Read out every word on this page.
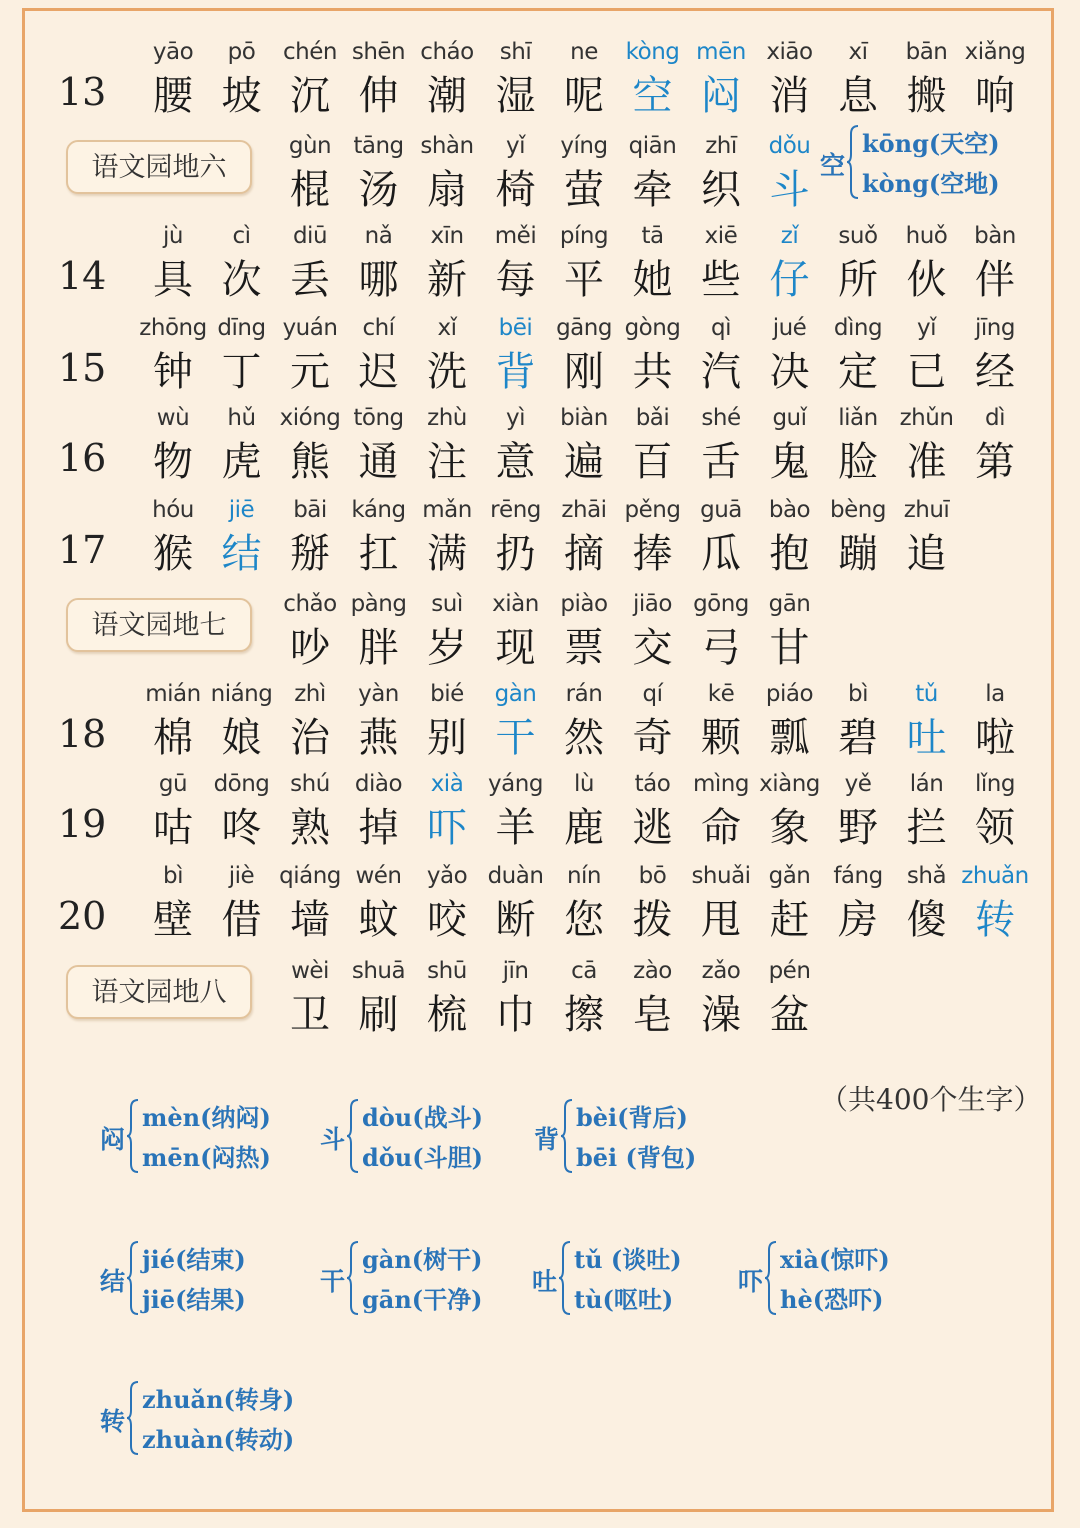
13
yāo
腰
pō
坡
chén
沉
shēn
伸
cháo
潮
shī
湿
ne
呢
kòng
空
mēn
闷
xiāo
消
xī
息
bān
搬
xiǎng
响
语文园地六
gùn
棍
tāng
汤
shàn
扇
yǐ
椅
yíng
萤
qiān
牵
zhī
织
dǒu
斗
空
kōng(天空)
kòng(空地)
14
jù
具
cì
次
diū
丢
nǎ
哪
xīn
新
měi
每
píng
平
tā
她
xiē
些
zǐ
仔
suǒ
所
huǒ
伙
bàn
伴
15
zhōng
钟
dīng
丁
yuán
元
chí
迟
xǐ
洗
bēi
背
gāng
刚
gòng
共
qì
汽
jué
决
dìng
定
yǐ
已
jīng
经
16
wù
物
hǔ
虎
xióng
熊
tōng
通
zhù
注
yì
意
biàn
遍
bǎi
百
shé
舌
guǐ
鬼
liǎn
脸
zhǔn
准
dì
第
17
hóu
猴
jiē
结
bāi
掰
káng
扛
mǎn
满
rēng
扔
zhāi
摘
pěng
捧
guā
瓜
bào
抱
bèng
蹦
zhuī
追
语文园地七
chǎo
吵
pàng
胖
suì
岁
xiàn
现
piào
票
jiāo
交
gōng
弓
gān
甘
18
mián
棉
niáng
娘
zhì
治
yàn
燕
bié
别
gàn
干
rán
然
qí
奇
kē
颗
piáo
瓢
bì
碧
tǔ
吐
la
啦
19
gū
咕
dōng
咚
shú
熟
diào
掉
xià
吓
yáng
羊
lù
鹿
táo
逃
mìng
命
xiàng
象
yě
野
lán
拦
lǐng
领
20
bì
壁
jiè
借
qiáng
墙
wén
蚊
yǎo
咬
duàn
断
nín
您
bō
拨
shuǎi
甩
gǎn
赶
fáng
房
shǎ
傻
zhuǎn
转
语文园地八
wèi
卫
shuā
刷
shū
梳
jīn
巾
cā
擦
zào
皂
zǎo
澡
pén
盆
（共400个生字）
闷
mèn(纳闷)
mēn(闷热)
斗
dòu(战斗)
dǒu(斗胆)
背
bèi(背后)
bēi (背包)
结
jié(结束)
jiē(结果)
干
gàn(树干)
gān(干净)
吐
tǔ (谈吐)
tù(呕吐)
吓
xià(惊吓)
hè(恐吓)
转
zhuǎn(转身)
zhuàn(转动)
